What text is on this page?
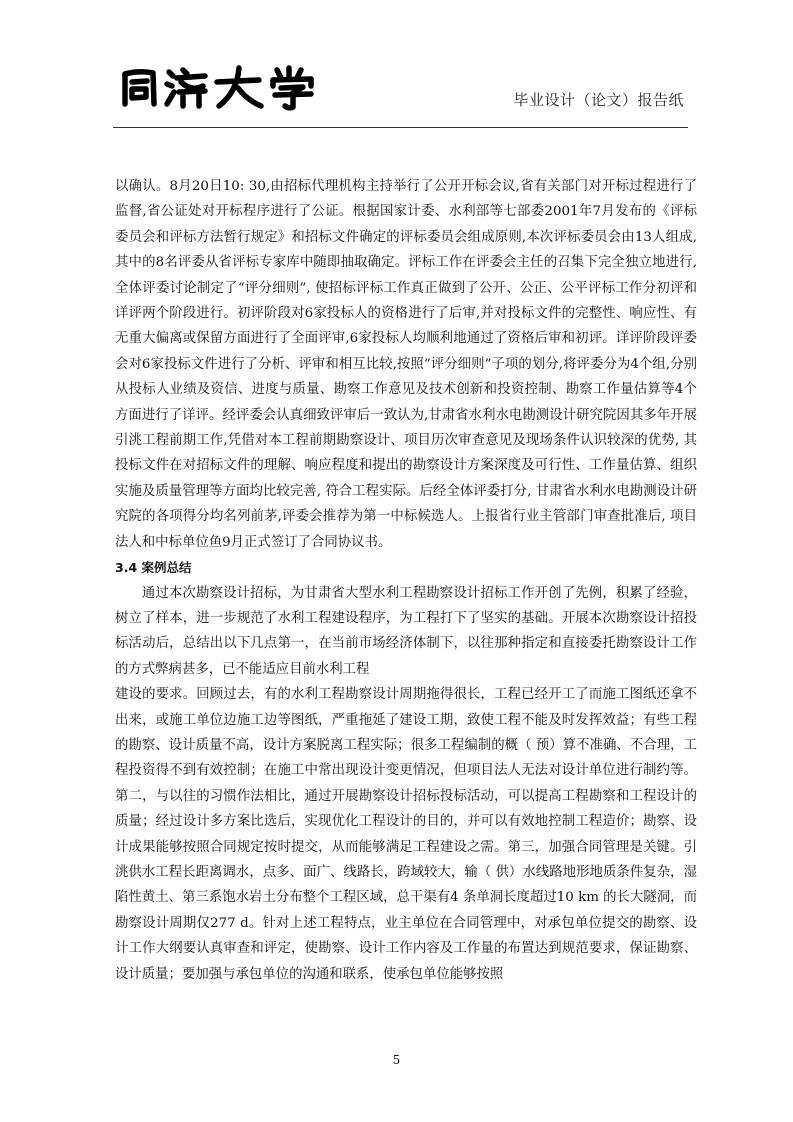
毕业设计（论文）报告纸

以确认。8月20日10: 30,由招标代理机构主持举行了公开开标会议,省有关部门对开标过程进行了监督,省公证处对开标程序进行了公证。根据国家计委、水利部等七部委2001年7月发布的《评标委员会和评标方法暂行规定》和招标文件确定的评标委员会组成原则,本次评标委员会由13人组成,其中的8名评委从省评标专家库中随即抽取确定。评标工作在评委会主任的召集下完全独立地进行,全体评委讨论制定了“评分细则”, 使招标评标工作真正做到了公开、公正、公平评标工作分初评和详评两个阶段进行。初评阶段对6家投标人的资格进行了后审,并对投标文件的完整性、响应性、有无重大偏离或保留方面进行了全面评审,6家投标人均顺利地通过了资格后审和初评。详评阶段评委会对6家投标文件进行了分析、评审和相互比较,按照“评分细则”子项的划分,将评委分为4个组,分别从投标人业绩及资信、进度与质量、勘察工作意见及技术创新和投资控制、勘察工作量估算等4个方面进行了详评。经评委会认真细致评审后一致认为,甘肃省水利水电勘测设计研究院因其多年开展引洮工程前期工作,凭借对本工程前期勘察设计、项目历次审查意见及现场条件认识较深的优势, 其投标文件在对招标文件的理解、响应程度和提出的勘察设计方案深度及可行性、工作量估算、组织实施及质量管理等方面均比较完善, 符合工程实际。后经全体评委打分, 甘肃省水利水电勘测设计研究院的各项得分均名列前茅,评委会推荐为第一中标候选人。上报省行业主管部门审查批准后, 项目法人和中标单位鱼9月正式签订了合同协议书。

3.4 案例总结

通过本次勘察设计招标，为甘肃省大型水利工程勘察设计招标工作开创了先例，积累了经验，树立了样本，进一步规范了水利工程建设程序，为工程打下了坚实的基础。开展本次勘察设计招投标活动后，总结出以下几点第一，在当前市场经济体制下，以往那种指定和直接委托勘察设计工作的方式弊病甚多，已不能适应目前水利工程

建设的要求。回顾过去，有的水利工程勘察设计周期拖得很长，工程已经开工了而施工图纸还拿不出来，或施工单位边施工边等图纸，严重拖延了建设工期，致使工程不能及时发挥效益；有些工程的勘察、设计质量不高，设计方案脱离工程实际；很多工程编制的概（ 预）算不准确、不合理，工程投资得不到有效控制；在施工中常出现设计变更情况，但项目法人无法对设计单位进行制约等。第二，与以往的习惯作法相比，通过开展勘察设计招标投标活动，可以提高工程勘察和工程设计的质量；经过设计多方案比选后，实现优化工程设计的目的，并可以有效地控制工程造价；勘察、设计成果能够按照合同规定按时提交，从而能够满足工程建设之需。第三，加强合同管理是关键。引洮供水工程长距离调水，点多、面广、线路长，跨域较大，输（ 供）水线路地形地质条件复杂，湿陷性黄土、第三系饱水岩土分布整个工程区域，总干渠有4 条单洞长度超过10 km 的长大隧洞，而勘察设计周期仅277 d。针对上述工程特点，业主单位在合同管理中，对承包单位提交的勘察、设计工作大纲要认真审查和评定，使勘察、设计工作内容及工作量的布置达到规范要求，保证勘察、设计质量；要加强与承包单位的沟通和联系，使承包单位能够按照

5
